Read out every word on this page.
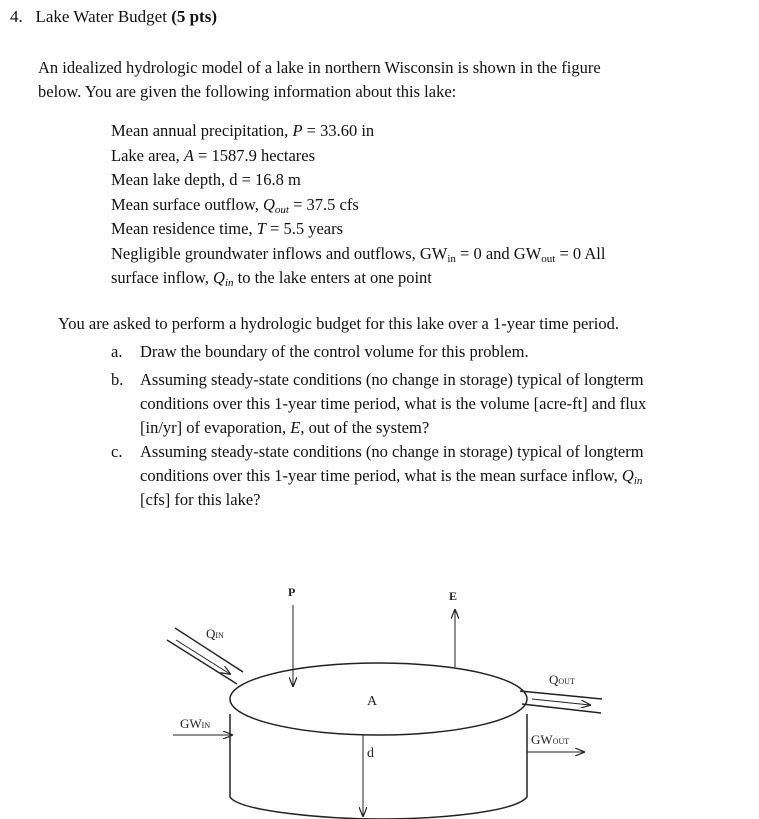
4. Lake Water Budget (5 pts)
An idealized hydrologic model of a lake in northern Wisconsin is shown in the figure
below. You are given the following information about this lake:
Mean annual precipitation, P = 33.60 in
Lake area, A = 1587.9 hectares
Mean lake depth, d = 16.8 m
Mean surface outflow, $Q_{out} = 37.5$ cfs
Mean residence time, T = 5.5 years
Negligible groundwater inflows and outflows, $GW_{in} = 0$ and $GW_{out} = 0$ All
surface inflow, $Q_{in}$ to the lake enters at one point
You are asked to perform a hydrologic budget for this lake over a 1-year time period.
a. Draw the boundary of the control volume for this problem.
b. Assuming steady-state conditions (no change in storage) typical of longterm
conditions over this 1-year time period, what is the volume [acre-ft] and flux
[in/yr] of evaporation, E, out of the system?
c. Assuming steady-state conditions (no change in storage) typical of longterm
conditions over this 1-year time period, what is the mean surface inflow, $Q_{in}$
[cfs] for this lake?
P	E
A
d
QIN
QOUT
GWIN
GWOUT
